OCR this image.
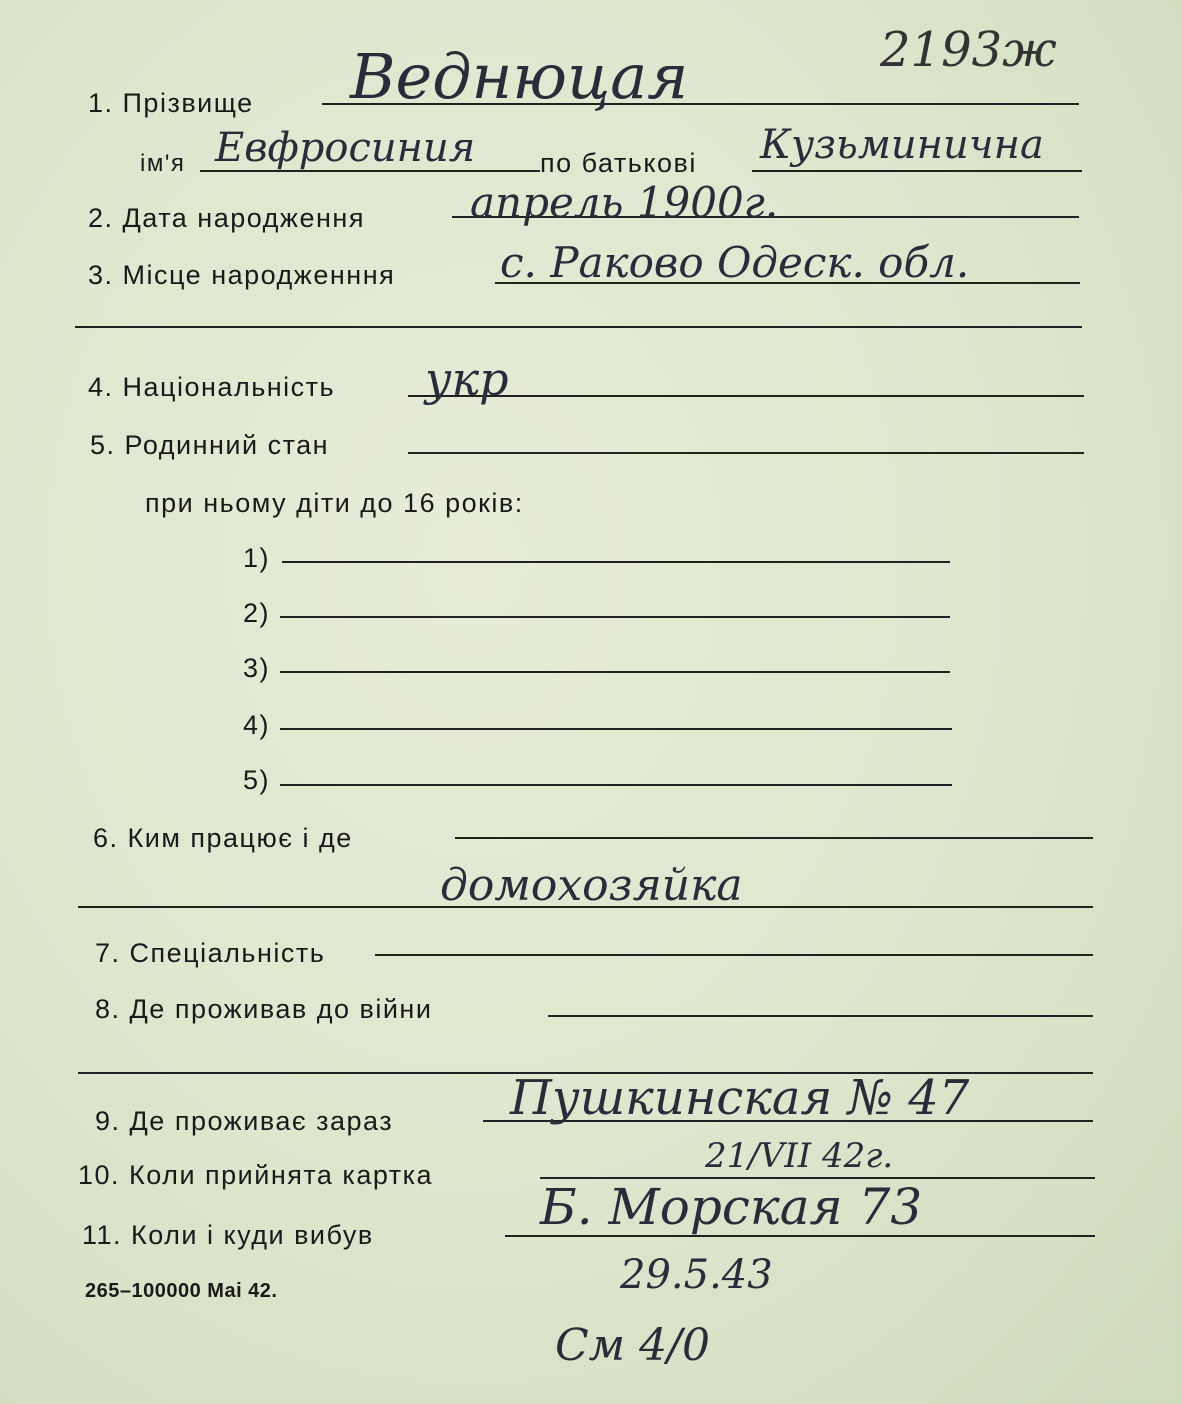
1. Прізвище Веднюцая	2193ж
ім'я Евфросиния по батькові Кузьминична
2. Дата народження	апрель 1900г.
3. Місце народженння с. Раково Одеск. обл.
4. Національність укр
5. Родинний стан
при ньому діти до 16 років:
1)
2)
3)
4)
5)
6. Ким працює і де
домохозяйка
7. Спеціальність
8. Де проживав до війни
9. Де проживає зараз Пушкинская № 47
10. Коли прийнята картка	21/VII 42г.
11. Коли і куди вибув	Б. Морская 73
29.5.43
См 4/0
265–100000 Mai 42.
